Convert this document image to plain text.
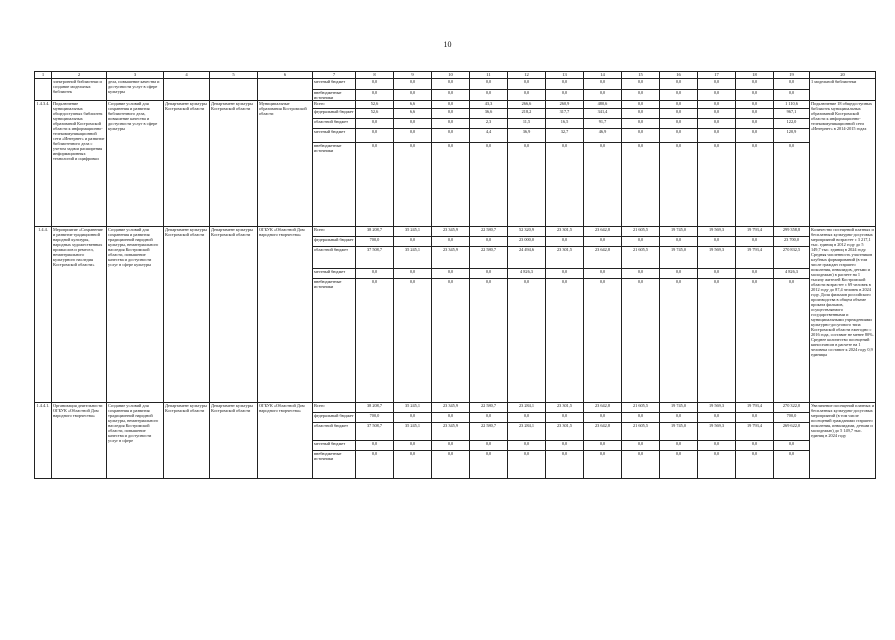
10
1	2	3	4	5	6	7	8	9	10	11	12	13	14	15	16	17	18	19	20
	электронной библиотеки и создание модельных библиотек	дела, повышение качества и доступности услуг в сфере культуры				местный бюджет	0,0	0,0	0,0	0,0	0,0	0,0	0,0	0,0	0,0	0,0	0,0	0,0	1 модельной библиотеки
						внебюджетные источники	0,0	0,0	0,0	0,0	0,0	0,0	0,0	0,0	0,0	0,0	0,0	0,0	
1.4.3.4.	Подключение муниципальных общедоступных библиотек муниципальных образований Костромской области к информационно-телекоммуникационной сети «Интернет» и развитие библиотечного дела с учетом задачи расширения информационных технологий и оцифровки	Создание условий для сохранения и развития библиотечного дела, повышение качества и доступности услуг в сфере культуры	Департамент культуры Костромской области	Департамент культуры Костромской области	Муниципальные образования Костромской области	Всего	52,6	6,6	0,0	43,3	266,6	260,9	480,6	0,0	0,0	0,0	0,0	1 110,6	Подключение 18 общедоступных библиотек муниципальных образований Костромской области к информационно-телекоммуникационной сети «Интернет» в 2014-2015 годах
						федеральный бюджет	52,6	6,6	0,0	36,6	218,2	317,7	341,4	0,0	0,0	0,0	0,0	967,1	
						областной бюджет	0,0	0,0	0,0	2,3	11,5	16,5	91,7	0,0	0,0	0,0	0,0	122,0	
						местный бюджет	0,0	0,0	0,0	4,4	36,9	32,7	46,9	0,0	0,0	0,0	0,0	120,9	
						внебюджетные источники	0,0	0,0	0,0	0,0	0,0	0,0	0,0	0,0	0,0	0,0	0,0	0,0	
1.4.4.	Мероприятие «Сохранение и развитие традиционной народной культуры, народных художественных промыслов и ремесел, нематериального культурного наследия Костромской области»	Создание условий для сохранения и развития традиционной народной культуры, нематериального наследия Костромской области, повышение качества и доступности услуг в сфере культуры	Департамент культуры Костромской области	Департамент культуры Костромской области	ОГБУК «Областной Дом народного творчества»	Всего	38 208,7	35 245,1	23 345,9	22 580,7	52 320,9	23 301,5	23 642,8	21 605,5	19 745,0	19 569,3	19 793,4	299 358,8	Количество посещений платных и бесплатных культурно-досуговых мероприятий возрастет с 3 217,1 тыс. единиц в 2012 году до 5 149,7 тыс. единиц в 2024 году. Средняя численность участников клубных формирований (в том числе граждан старшего поколения, инвалидов, детьми и молодежью) в расчете на 1 тысячу жителей Костромской области возрастет с 69 человек в 2012 году до 87,4 человек в 2024 году. Доля фильмов российского производства в общем объеме проката фильмов, осуществляемого государственными и муниципальными учреждениями культурно-досугового типа Костромской области ежегодно с 2016 года, составит не менее 80%. Среднее количество посещений киносеансов в расчете на 1 человека составит к 2024 году 0,9 единицы
						федеральный бюджет	700,0	0,0	0,0	0,0	23 000,0	0,0	0,0	0,0	0,0	0,0	0,0	23 700,0	
						областной бюджет	37 508,7	35 245,1	23 345,9	22 580,7	24 494,6	23 301,5	23 642,8	21 605,5	19 745,0	19 569,3	19 793,4	270 832,5	
						местный бюджет	0,0	0,0	0,0	0,0	4 826,3	0,0	0,0	0,0	0,0	0,0	0,0	4 826,3	
						внебюджетные источники	0,0	0,0	0,0	0,0	0,0	0,0	0,0	0,0	0,0	0,0	0,0	0,0	
1.4.4.1.	Организация деятельности ОГБУК «Областной Дом народного творчества»	Создание условий для сохранения и развития традиционной народной культуры, нематериального наследия Костромской области, повышение качества и доступности услуг в сфере	Департамент культуры Костромской области	Департамент культуры Костромской области	ОГБУК «Областной Дом народного творчества»	Всего	38 208,7	35 245,1	23 345,9	22 580,7	23 284,1	23 301,5	23 642,8	21 605,5	19 745,0	19 569,3	19 793,4	270 322,0	Увеличение посещений платных и бесплатных культурно-досуговых мероприятий (в том числе посещений гражданами старшего поколения, инвалидами, детьми и молодежью) до 5 149,7 тыс. единиц в 2024 году
						федеральный бюджет	700,0	0,0	0,0	0,0	0,0	0,0	0,0	0,0	0,0	0,0	0,0	700,0	
						областной бюджет	37 508,7	35 245,1	23 345,9	22 580,7	23 284,1	23 301,5	23 642,8	21 605,5	19 745,0	19 569,3	19 793,4	269 622,0	
						местный бюджет	0,0	0,0	0,0	0,0	0,0	0,0	0,0	0,0	0,0	0,0	0,0	0,0	
						внебюджетные источники	0,0	0,0	0,0	0,0	0,0	0,0	0,0	0,0	0,0	0,0	0,0	0,0	
